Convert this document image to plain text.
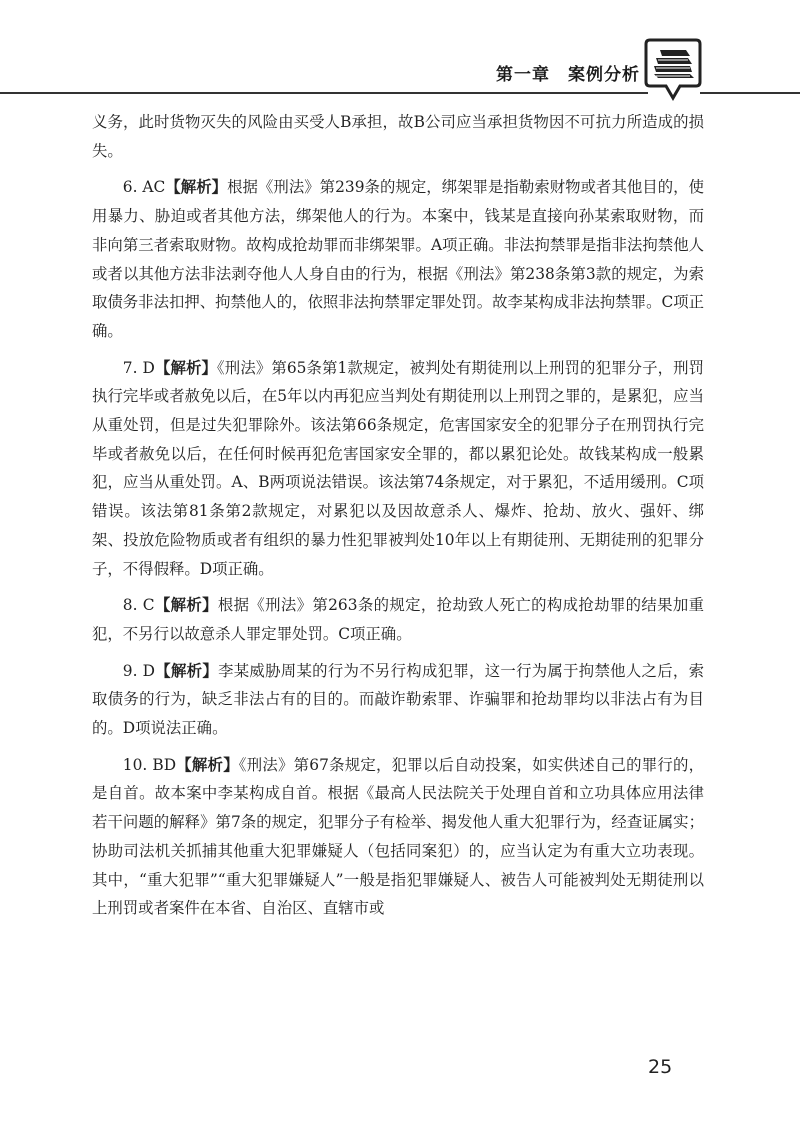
第一章 案例分析

义务，此时货物灭失的风险由买受人B承担，故B公司应当承担货物因不可抗力所造成的损失。

6. AC【解析】根据《刑法》第239条的规定，绑架罪是指勒索财物或者其他目的，使用暴力、胁迫或者其他方法，绑架他人的行为。本案中，钱某是直接向孙某索取财物，而非向第三者索取财物。故构成抢劫罪而非绑架罪。A项正确。非法拘禁罪是指非法拘禁他人或者以其他方法非法剥夺他人人身自由的行为，根据《刑法》第238条第3款的规定，为索取债务非法扣押、拘禁他人的，依照非法拘禁罪定罪处罚。故李某构成非法拘禁罪。C项正确。

7. D【解析】《刑法》第65条第1款规定，被判处有期徒刑以上刑罚的犯罪分子，刑罚执行完毕或者赦免以后，在5年以内再犯应当判处有期徒刑以上刑罚之罪的，是累犯，应当从重处罚，但是过失犯罪除外。该法第66条规定，危害国家安全的犯罪分子在刑罚执行完毕或者赦免以后，在任何时候再犯危害国家安全罪的，都以累犯论处。故钱某构成一般累犯，应当从重处罚。A、B两项说法错误。该法第74条规定，对于累犯，不适用缓刑。C项错误。该法第81条第2款规定，对累犯以及因故意杀人、爆炸、抢劫、放火、强奸、绑架、投放危险物质或者有组织的暴力性犯罪被判处10年以上有期徒刑、无期徒刑的犯罪分子，不得假释。D项正确。

8. C【解析】根据《刑法》第263条的规定，抢劫致人死亡的构成抢劫罪的结果加重犯，不另行以故意杀人罪定罪处罚。C项正确。

9. D【解析】李某威胁周某的行为不另行构成犯罪，这一行为属于拘禁他人之后，索取债务的行为，缺乏非法占有的目的。而敲诈勒索罪、诈骗罪和抢劫罪均以非法占有为目的。D项说法正确。

10. BD【解析】《刑法》第67条规定，犯罪以后自动投案，如实供述自己的罪行的，是自首。故本案中李某构成自首。根据《最高人民法院关于处理自首和立功具体应用法律若干问题的解释》第7条的规定，犯罪分子有检举、揭发他人重大犯罪行为，经查证属实；协助司法机关抓捕其他重大犯罪嫌疑人（包括同案犯）的，应当认定为有重大立功表现。其中，“重大犯罪”“重大犯罪嫌疑人”一般是指犯罪嫌疑人、被告人可能被判处无期徒刑以上刑罚或者案件在本省、自治区、直辖市或

25
